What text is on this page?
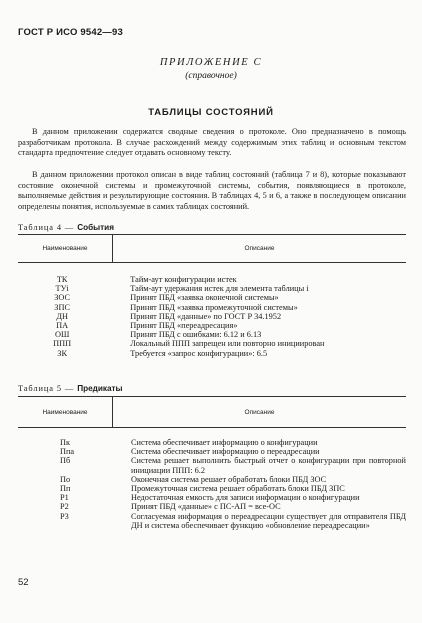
ГОСТ Р ИСО 9542—93
ПРИЛОЖЕНИЕ С
(справочное)
ТАБЛИЦЫ СОСТОЯНИЙ
В данном приложении содержатся сводные сведения о протоколе. Оно предназначено в помощь разработчикам протокола. В случае расхождений между содержимым этих таблиц и основным текстом стандарта предпочтение следует отдавать основному тексту.
В данном приложении протокол описан в виде таблиц состояний (таблица 7 и 8), которые показывают состояние оконечной системы и промежуточной системы, события, появляющиеся в протоколе, выполняемые действия и результирующие состояния. В таблицах 4, 5 и 6, а также в последующем описании определены понятия, используемые в самих таблицах состояний.
Таблица 4 — События
Наименование	Описание
ТК	Тайм-аут конфигурации истек
ТУi	Тайм-аут удержания истек для элемента таблицы i
ЗОС	Принят ПБД «заявка оконечной системы»
ЗПС	Принят ПБД «заявка промежуточной системы»
ДН	Принят ПБД «данные» по ГОСТ Р 34.1952
ПА	Принят ПБД «переадресация»
ОШ	Принят ПБД с ошибками: 6.12 и 6.13
ППП	Локальный ППП запрещен или повторно инициирован
ЗК	Требуется «запрос конфигурации»: 6.5
Таблица 5 — Предикаты
Наименование	Описание
Пк	Система обеспечивает информацию о конфигурации
Ппа	Система обеспечивает информацию о переадресации
Пб	Система решает выполнить быстрый отчет о конфигурации при повторной инициации ППП: 6.2
По	Оконечная система решает обработать блоки ПБД ЗОС
Пп	Промежуточная система решает обработать блоки ПБД ЗПС
Р1	Недостаточная емкость для записи информации о конфигурации
Р2	Принят ПБД «данные» с ПС-АП = все-ОС
Р3	Согласуемая информация о переадресации существует для отправителя ПБД ДН и система обеспечивает функцию «обновление переадресации»
52
